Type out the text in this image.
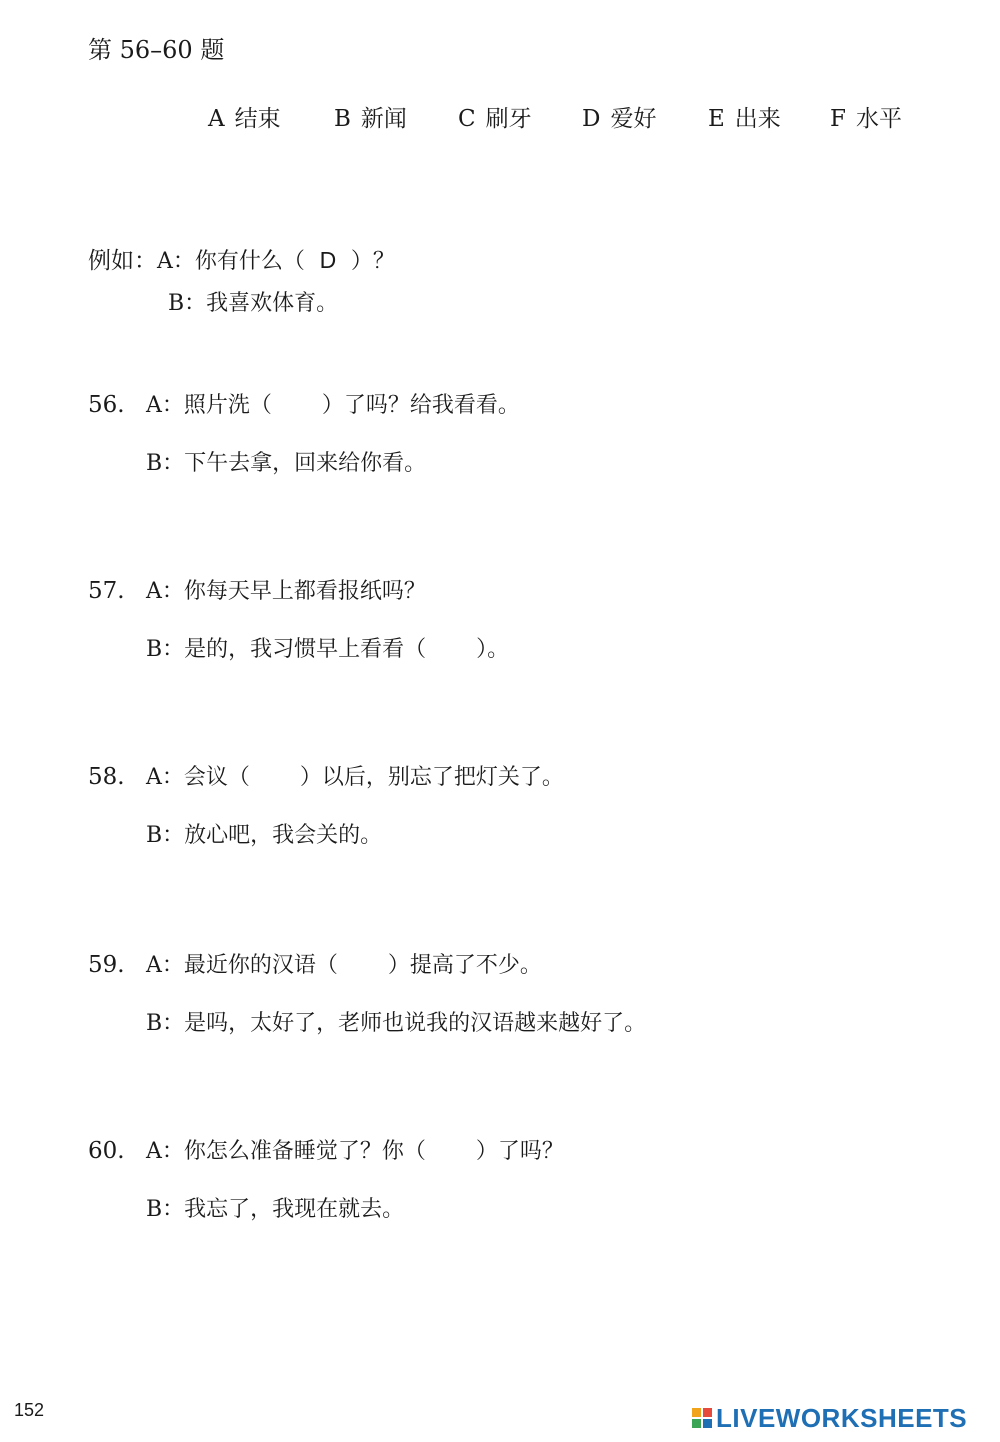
第 56–60 题
A 结束 B 新闻 C 刷牙 D 爱好 E 出来 F 水平
例如：A：你有什么（ D ）？
B：我喜欢体育。
56. A：照片洗（ ）了吗？给我看看。
B：下午去拿，回来给你看。
57. A：你每天早上都看报纸吗？
B：是的，我习惯早上看看（ ）。
58. A：会议（ ）以后，别忘了把灯关了。
B：放心吧，我会关的。
59. A：最近你的汉语（ ）提高了不少。
B：是吗，太好了，老师也说我的汉语越来越好了。
60. A：你怎么准备睡觉了？你（ ）了吗？
B：我忘了，我现在就去。
152	LIVEWORKSHEETS
